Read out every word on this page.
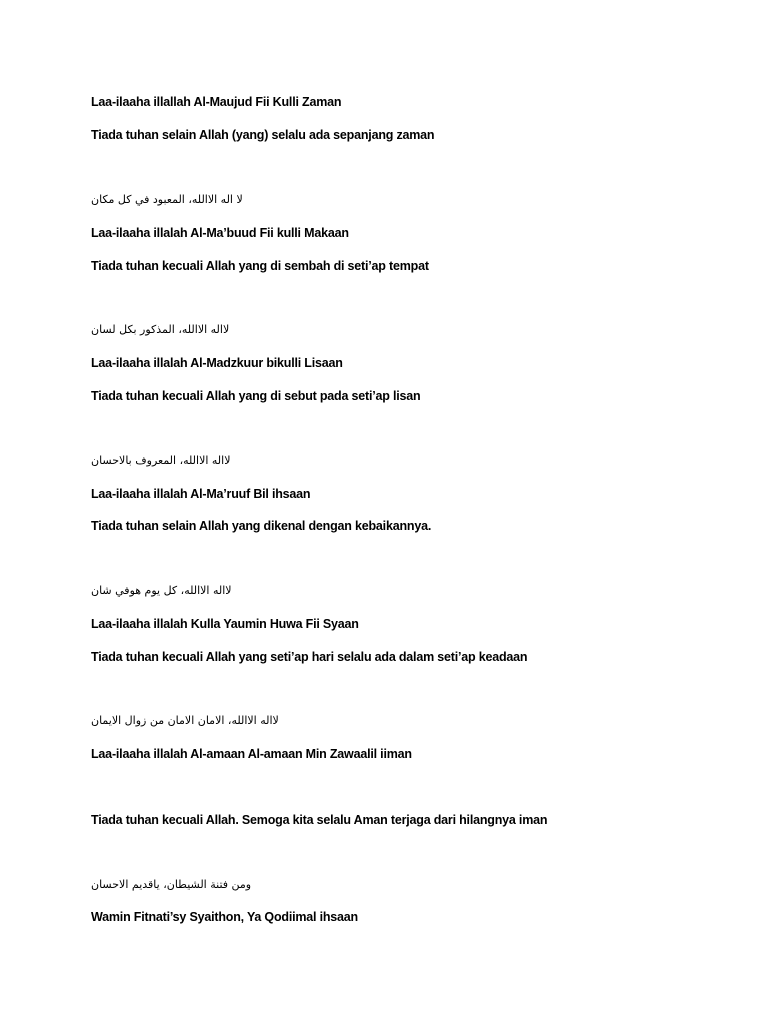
Laa-ilaaha illallah Al-Maujud Fii Kulli Zaman
Tiada tuhan selain Allah (yang) selalu ada sepanjang zaman
لا اله الاالله، المعبود في كل مكان
Laa-ilaaha illalah Al-Ma’buud Fii kulli Makaan
Tiada tuhan kecuali Allah yang di sembah di seti’ap tempat
لااله الاالله، المذكور بكل لسان
Laa-ilaaha illalah Al-Madzkuur bikulli Lisaan
Tiada tuhan kecuali Allah yang di sebut pada seti’ap lisan
لااله الاالله، المعروف بالاحسان
Laa-ilaaha illalah Al-Ma’ruuf Bil ihsaan
Tiada tuhan selain Allah yang dikenal dengan kebaikannya.
لااله الاالله، كل يوم هوفي شان
Laa-ilaaha illalah Kulla Yaumin Huwa Fii Syaan
Tiada tuhan kecuali Allah yang seti’ap hari selalu ada dalam seti’ap keadaan
لااله الاالله، الامان الامان من زوال الايمان
Laa-ilaaha illalah Al-amaan Al-amaan Min Zawaalil iiman
Tiada tuhan kecuali Allah. Semoga kita selalu Aman terjaga dari hilangnya iman
ومن فتنة الشيطان، ياقديم الاحسان
Wamin Fitnati’sy Syaithon, Ya Qodiimal ihsaan
